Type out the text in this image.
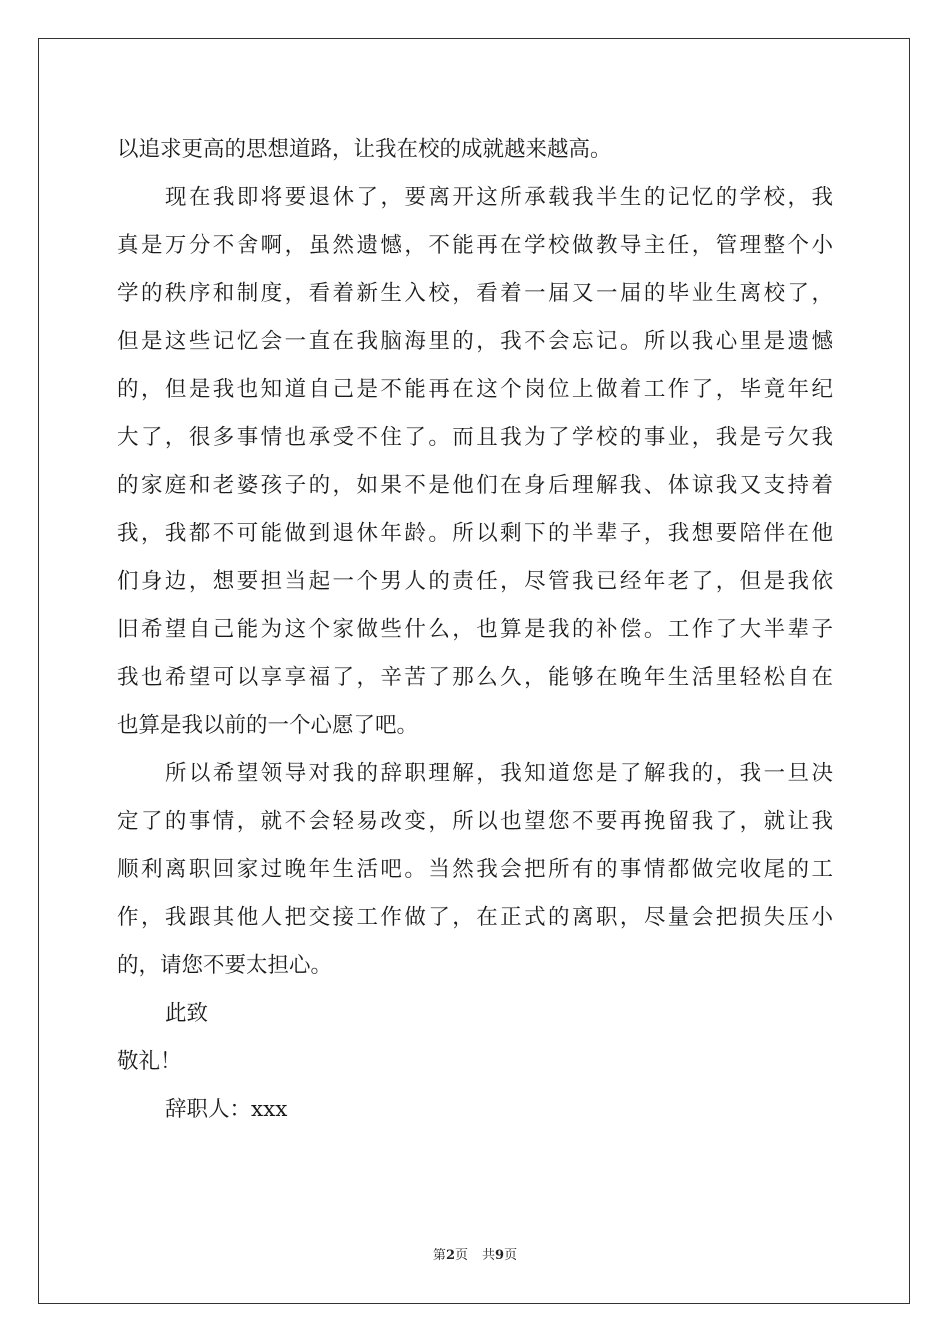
以追求更高的思想道路，让我在校的成就越来越高。
现在我即将要退休了，要离开这所承载我半生的记忆的学校，我
真是万分不舍啊，虽然遗憾，不能再在学校做教导主任，管理整个小
学的秩序和制度，看着新生入校，看着一届又一届的毕业生离校了，
但是这些记忆会一直在我脑海里的，我不会忘记。所以我心里是遗憾
的，但是我也知道自己是不能再在这个岗位上做着工作了，毕竟年纪
大了，很多事情也承受不住了。而且我为了学校的事业，我是亏欠我
的家庭和老婆孩子的，如果不是他们在身后理解我、体谅我又支持着
我，我都不可能做到退休年龄。所以剩下的半辈子，我想要陪伴在他
们身边，想要担当起一个男人的责任，尽管我已经年老了，但是我依
旧希望自己能为这个家做些什么，也算是我的补偿。工作了大半辈子
我也希望可以享享福了，辛苦了那么久，能够在晚年生活里轻松自在
也算是我以前的一个心愿了吧。
所以希望领导对我的辞职理解，我知道您是了解我的，我一旦决
定了的事情，就不会轻易改变，所以也望您不要再挽留我了，就让我
顺利离职回家过晚年生活吧。当然我会把所有的事情都做完收尾的工
作，我跟其他人把交接工作做了，在正式的离职，尽量会把损失压小
的，请您不要太担心。
此致
敬礼！
辞职人：xxx
第2页 共9页
